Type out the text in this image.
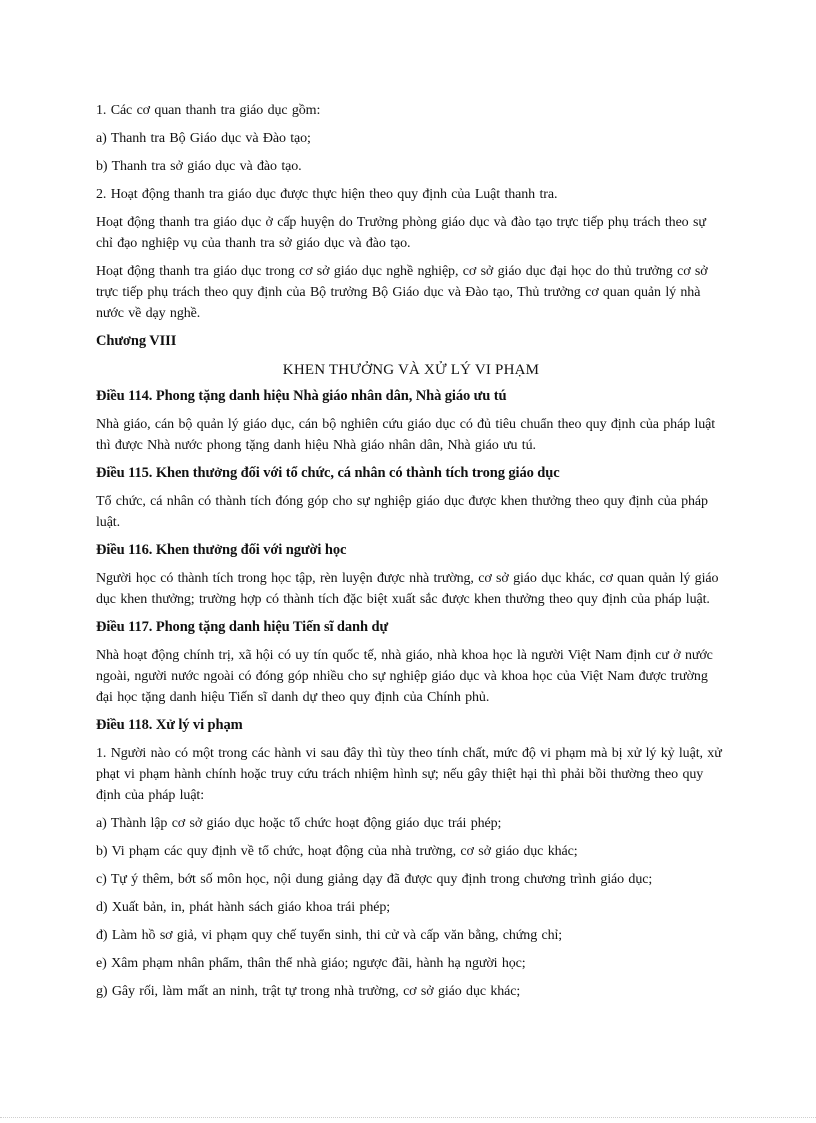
1. Các cơ quan thanh tra giáo dục gồm:

a) Thanh tra Bộ Giáo dục và Đào tạo;

b) Thanh tra sở giáo dục và đào tạo.

2. Hoạt động thanh tra giáo dục được thực hiện theo quy định của Luật thanh tra.

Hoạt động thanh tra giáo dục ở cấp huyện do Trưởng phòng giáo dục và đào tạo trực tiếp phụ trách theo sự chỉ đạo nghiệp vụ của thanh tra sở giáo dục và đào tạo.

Hoạt động thanh tra giáo dục trong cơ sở giáo dục nghề nghiệp, cơ sở giáo dục đại học do thủ trưởng cơ sở trực tiếp phụ trách theo quy định của Bộ trưởng Bộ Giáo dục và Đào tạo, Thủ trưởng cơ quan quản lý nhà nước về dạy nghề.

Chương VIII

KHEN THƯỞNG VÀ XỬ LÝ VI PHẠM

Điều 114. Phong tặng danh hiệu Nhà giáo nhân dân, Nhà giáo ưu tú

Nhà giáo, cán bộ quản lý giáo dục, cán bộ nghiên cứu giáo dục có đủ tiêu chuẩn theo quy định của pháp luật thì được Nhà nước phong tặng danh hiệu Nhà giáo nhân dân, Nhà giáo ưu tú.

Điều 115. Khen thưởng đối với tổ chức, cá nhân có thành tích trong giáo dục

Tổ chức, cá nhân có thành tích đóng góp cho sự nghiệp giáo dục được khen thưởng theo quy định của pháp luật.

Điều 116. Khen thưởng đối với người học

Người học có thành tích trong học tập, rèn luyện được nhà trường, cơ sở giáo dục khác, cơ quan quản lý giáo dục khen thưởng; trường hợp có thành tích đặc biệt xuất sắc được khen thưởng theo quy định của pháp luật.

Điều 117. Phong tặng danh hiệu Tiến sĩ danh dự

Nhà hoạt động chính trị, xã hội có uy tín quốc tế, nhà giáo, nhà khoa học là người Việt Nam định cư ở nước ngoài, người nước ngoài có đóng góp nhiều cho sự nghiệp giáo dục và khoa học của Việt Nam được trường đại học tặng danh hiệu Tiến sĩ danh dự theo quy định của Chính phủ.

Điều 118. Xử lý vi phạm

1. Người nào có một trong các hành vi sau đây thì tùy theo tính chất, mức độ vi phạm mà bị xử lý kỷ luật, xử phạt vi phạm hành chính hoặc truy cứu trách nhiệm hình sự; nếu gây thiệt hại thì phải bồi thường theo quy định của pháp luật:

a) Thành lập cơ sở giáo dục hoặc tổ chức hoạt động giáo dục trái phép;

b) Vi phạm các quy định về tổ chức, hoạt động của nhà trường, cơ sở giáo dục khác;

c) Tự ý thêm, bớt số môn học, nội dung giảng dạy đã được quy định trong chương trình giáo dục;

d) Xuất bản, in, phát hành sách giáo khoa trái phép;

đ) Làm hồ sơ giả, vi phạm quy chế tuyển sinh, thi cử và cấp văn bằng, chứng chỉ;

e) Xâm phạm nhân phẩm, thân thể nhà giáo; ngược đãi, hành hạ người học;

g) Gây rối, làm mất an ninh, trật tự trong nhà trường, cơ sở giáo dục khác;
